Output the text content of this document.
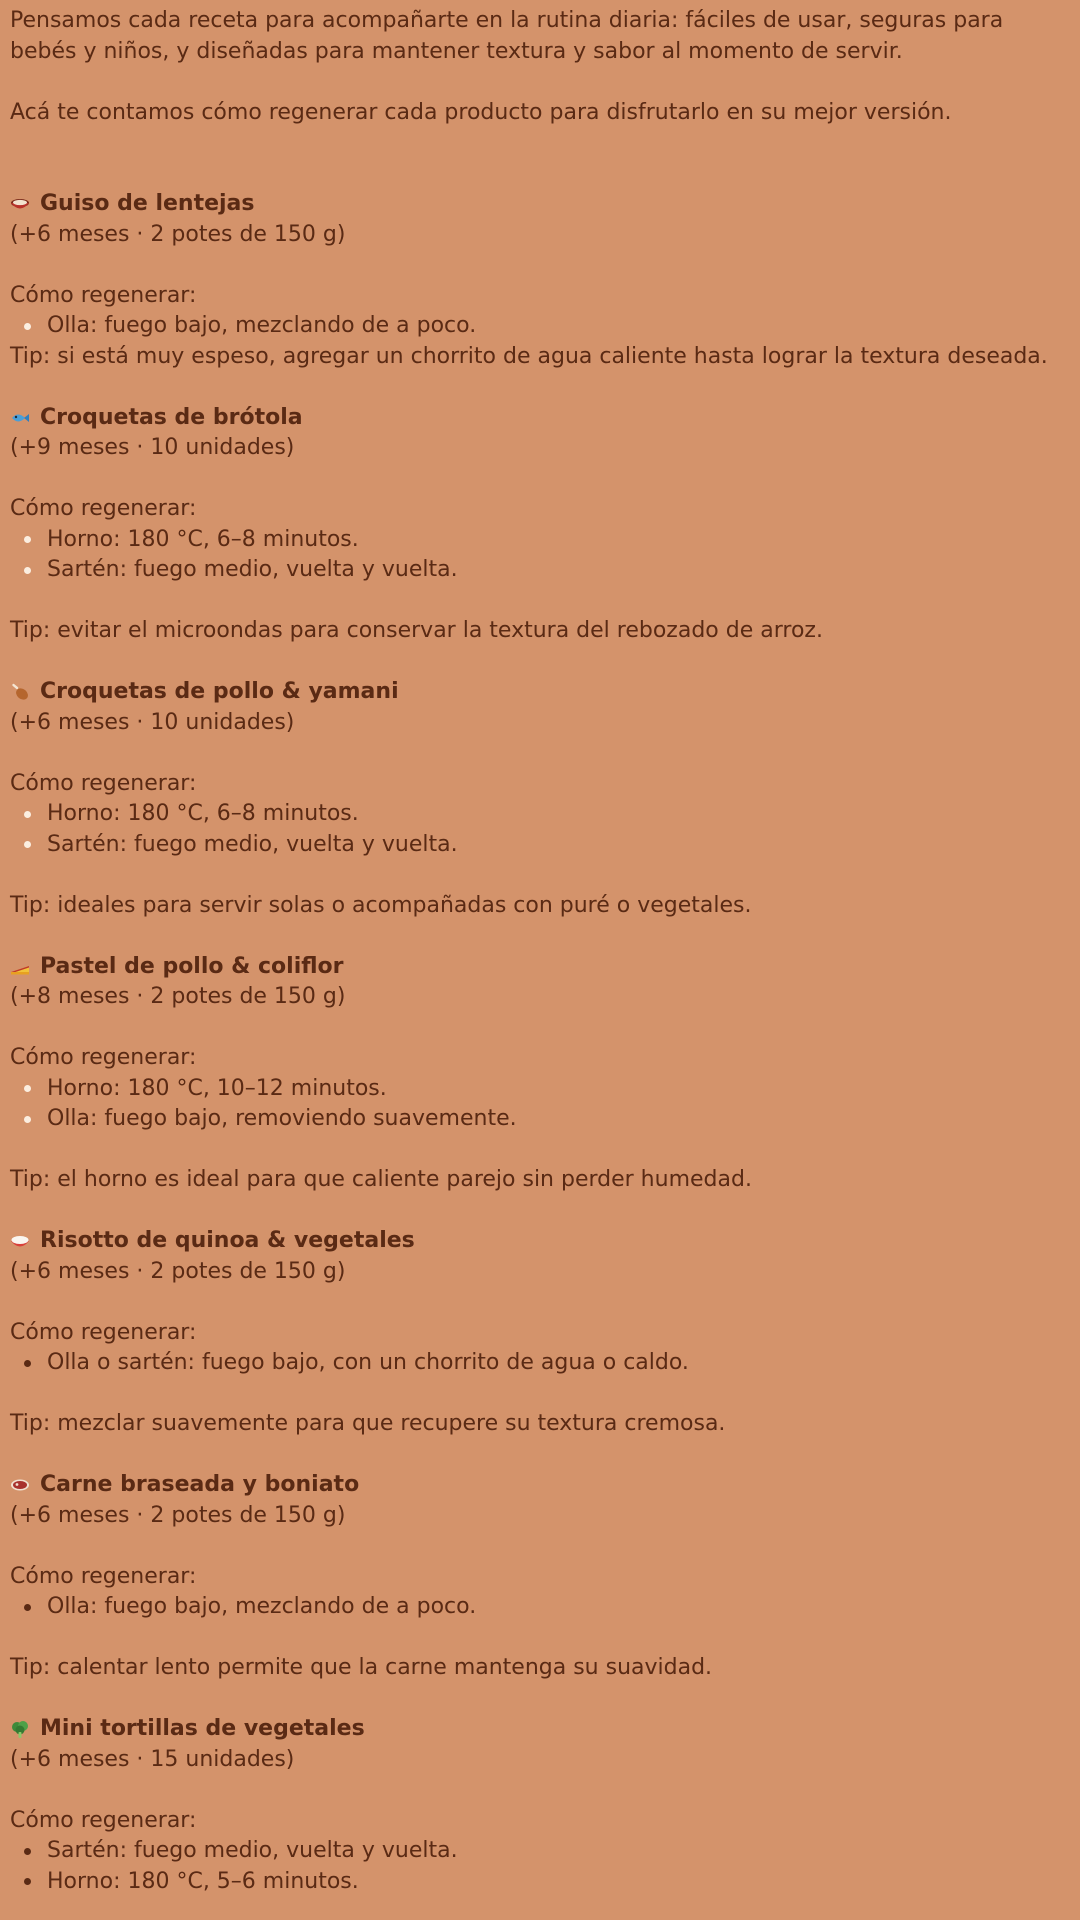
Pensamos cada receta para acompañarte en la rutina diaria: fáciles de usar, seguras para

bebés y niños, y diseñadas para mantener textura y sabor al momento de servir.

Acá te contamos cómo regenerar cada producto para disfrutarlo en su mejor versión.

Guiso de lentejas

(+6 meses · 2 potes de 150 g)

Cómo regenerar:

Olla: fuego bajo, mezclando de a poco.

Tip: si está muy espeso, agregar un chorrito de agua caliente hasta lograr la textura deseada.

Croquetas de brótola

(+9 meses · 10 unidades)

Cómo regenerar:

Horno: 180 °C, 6–8 minutos.
Sartén: fuego medio, vuelta y vuelta.

Tip: evitar el microondas para conservar la textura del rebozado de arroz.

Croquetas de pollo & yamani

(+6 meses · 10 unidades)

Cómo regenerar:

Horno: 180 °C, 6–8 minutos.
Sartén: fuego medio, vuelta y vuelta.

Tip: ideales para servir solas o acompañadas con puré o vegetales.

Pastel de pollo & coliflor

(+8 meses · 2 potes de 150 g)

Cómo regenerar:

Horno: 180 °C, 10–12 minutos.
Olla: fuego bajo, removiendo suavemente.

Tip: el horno es ideal para que caliente parejo sin perder humedad.

Risotto de quinoa & vegetales

(+6 meses · 2 potes de 150 g)

Cómo regenerar:

Olla o sartén: fuego bajo, con un chorrito de agua o caldo.

Tip: mezclar suavemente para que recupere su textura cremosa.

Carne braseada y boniato

(+6 meses · 2 potes de 150 g)

Cómo regenerar:

Olla: fuego bajo, mezclando de a poco.

Tip: calentar lento permite que la carne mantenga su suavidad.

Mini tortillas de vegetales

(+6 meses · 15 unidades)

Cómo regenerar:

Sartén: fuego medio, vuelta y vuelta.
Horno: 180 °C, 5–6 minutos.
